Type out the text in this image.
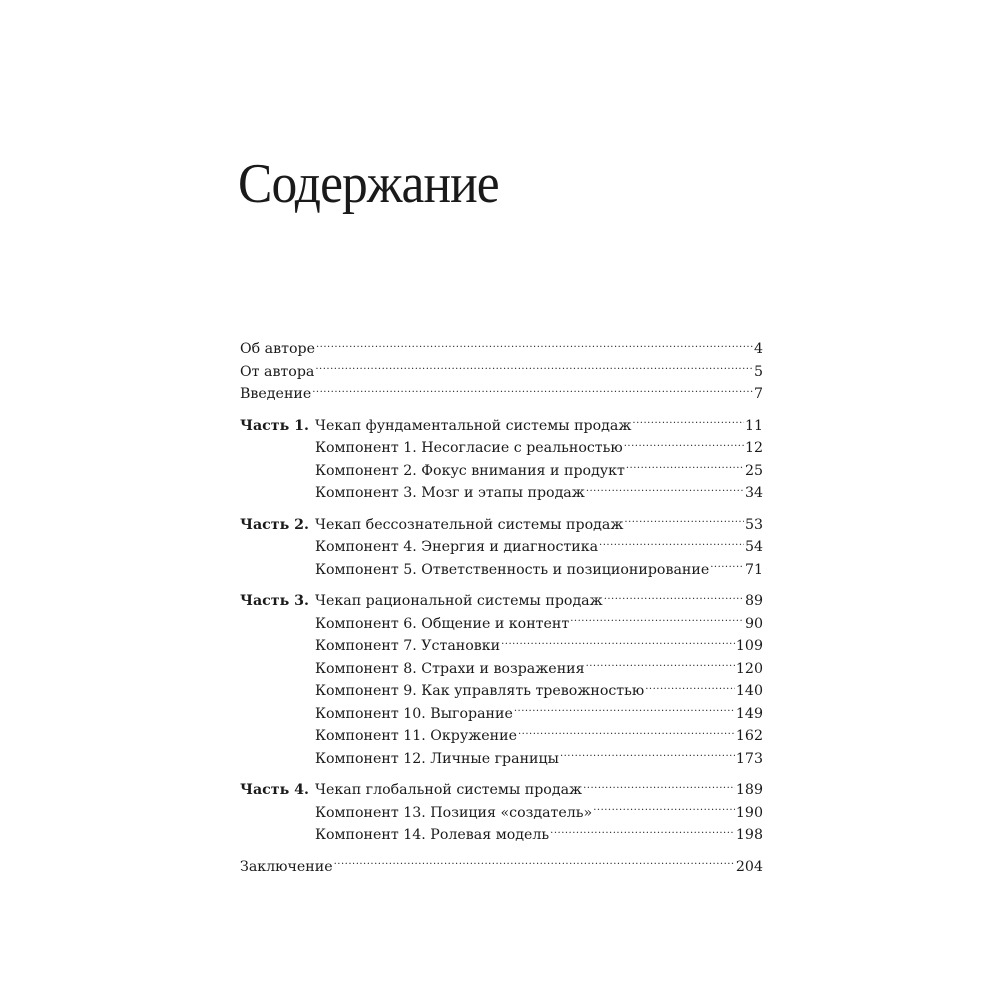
Содержание
Об авторе .....	4
От автора .....	5
Введение .....	7
Часть 1. Чекап фундаментальной системы продаж .....	11
Компонент 1. Несогласие с реальностью .....	12
Компонент 2. Фокус внимания и продукт .....	25
Компонент 3. Мозг и этапы продаж .....	34
Часть 2. Чекап бессознательной системы продаж .....	53
Компонент 4. Энергия и диагностика .....	54
Компонент 5. Ответственность и позиционирование .....	71
Часть 3. Чекап рациональной системы продаж .....	89
Компонент 6. Общение и контент .....	90
Компонент 7. Установки .....	109
Компонент 8. Страхи и возражения .....	120
Компонент 9. Как управлять тревожностью .....	140
Компонент 10. Выгорание .....	149
Компонент 11. Окружение .....	162
Компонент 12. Личные границы .....	173
Часть 4. Чекап глобальной системы продаж .....	189
Компонент 13. Позиция «создатель» .....	190
Компонент 14. Ролевая модель .....	198
Заключение .....	204
